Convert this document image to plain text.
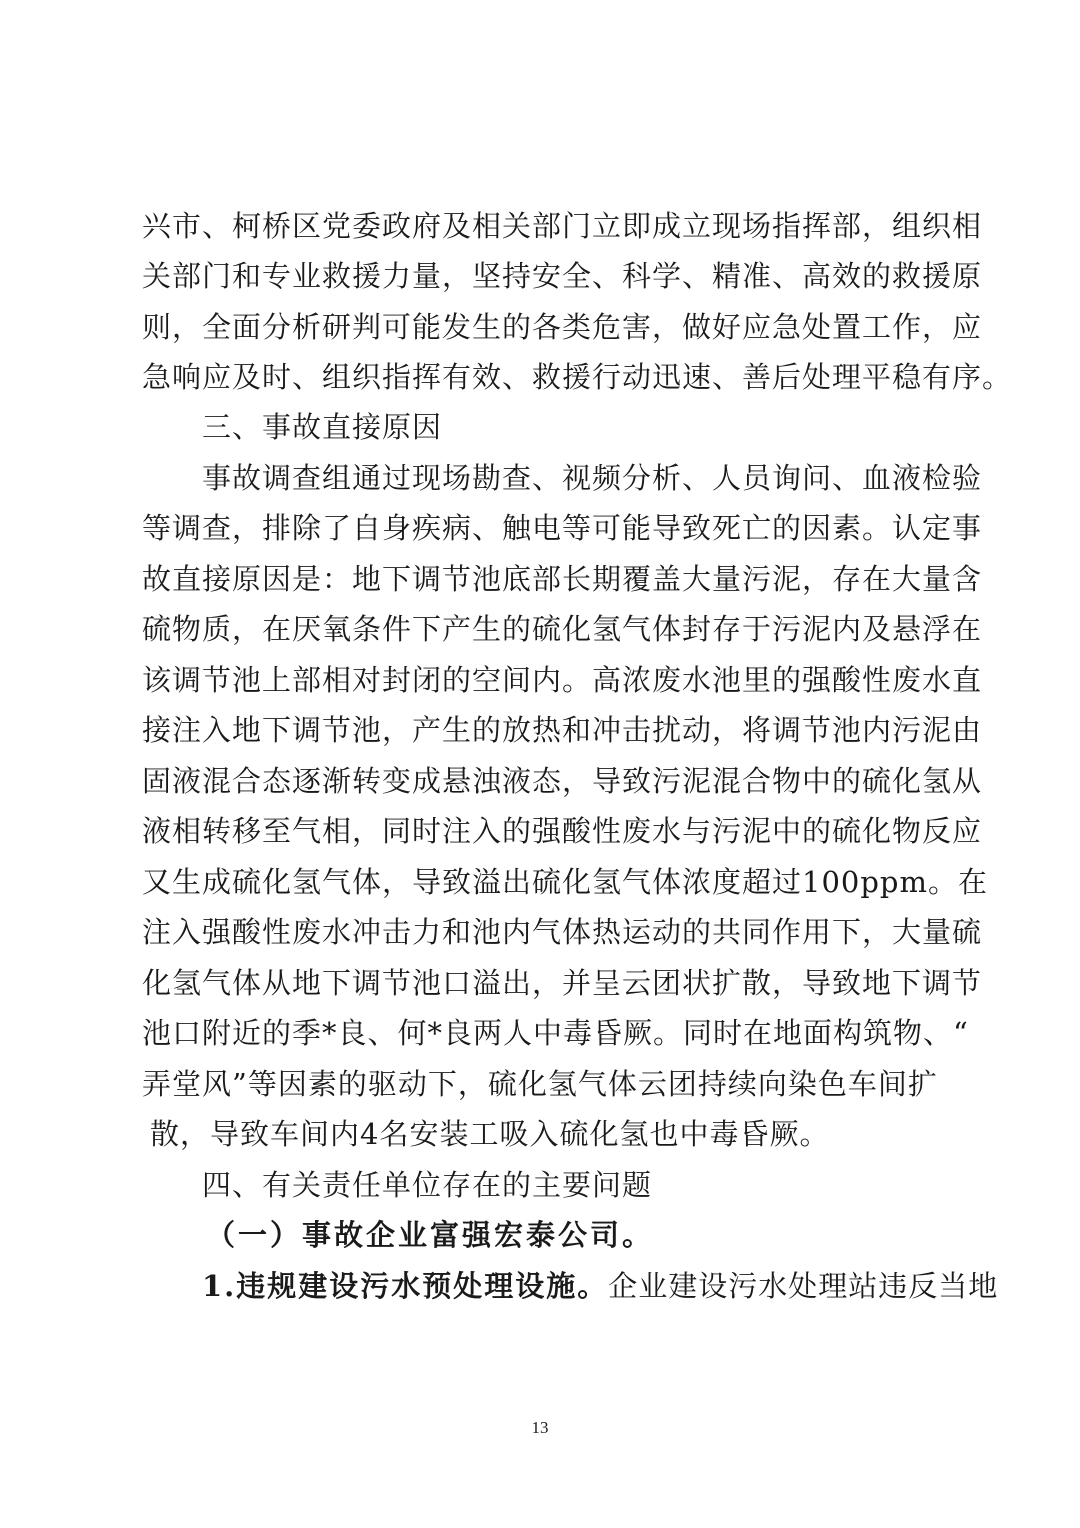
兴市、柯桥区党委政府及相关部门立即成立现场指挥部，组织相
关部门和专业救援力量，坚持安全、科学、精准、高效的救援原
则，全面分析研判可能发生的各类危害，做好应急处置工作，应
急响应及时、组织指挥有效、救援行动迅速、善后处理平稳有序。
三、事故直接原因
事故调查组通过现场勘查、视频分析、人员询问、血液检验
等调查，排除了自身疾病、触电等可能导致死亡的因素。认定事
故直接原因是：地下调节池底部长期覆盖大量污泥，存在大量含
硫物质，在厌氧条件下产生的硫化氢气体封存于污泥内及悬浮在
该调节池上部相对封闭的空间内。高浓废水池里的强酸性废水直
接注入地下调节池，产生的放热和冲击扰动，将调节池内污泥由
固液混合态逐渐转变成悬浊液态，导致污泥混合物中的硫化氢从
液相转移至气相，同时注入的强酸性废水与污泥中的硫化物反应
又生成硫化氢气体，导致溢出硫化氢气体浓度超过100ppm。在
注入强酸性废水冲击力和池内气体热运动的共同作用下，大量硫
化氢气体从地下调节池口溢出，并呈云团状扩散，导致地下调节
池口附近的季*良、何*良两人中毒昏厥。同时在地面构筑物、“
弄堂风”等因素的驱动下，硫化氢气体云团持续向染色车间扩
散，导致车间内4名安装工吸入硫化氢也中毒昏厥。
四、有关责任单位存在的主要问题
（一）事故企业富强宏泰公司。
1.违规建设污水预处理设施。企业建设污水处理站违反当地
13
